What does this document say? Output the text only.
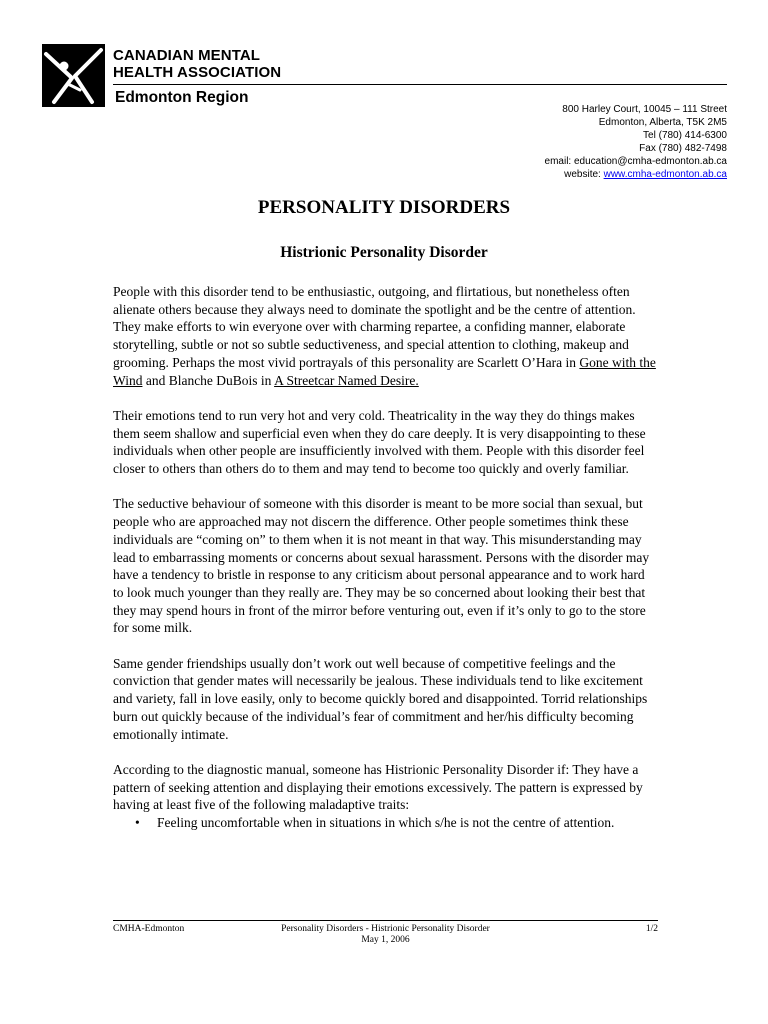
CANADIAN MENTAL
HEALTH ASSOCIATION
Edmonton Region
800 Harley Court, 10045 – 111 Street
Edmonton, Alberta, T5K 2M5
Tel (780) 414-6300
Fax (780) 482-7498
email: education@cmha-edmonton.ab.ca
website: www.cmha-edmonton.ab.ca
PERSONALITY DISORDERS
Histrionic Personality Disorder

People with this disorder tend to be enthusiastic, outgoing, and flirtatious, but nonetheless often alienate others because they always need to dominate the spotlight and be the centre of attention. They make efforts to win everyone over with charming repartee, a confiding manner, elaborate storytelling, subtle or not so subtle seductiveness, and special attention to clothing, makeup and grooming. Perhaps the most vivid portrayals of this personality are Scarlett O’Hara in Gone with the Wind and Blanche DuBois in A Streetcar Named Desire.

Their emotions tend to run very hot and very cold. Theatricality in the way they do things makes them seem shallow and superficial even when they do care deeply. It is very disappointing to these individuals when other people are insufficiently involved with them. People with this disorder feel closer to others than others do to them and may tend to become too quickly and overly familiar.

The seductive behaviour of someone with this disorder is meant to be more social than sexual, but people who are approached may not discern the difference. Other people sometimes think these individuals are “coming on” to them when it is not meant in that way. This misunderstanding may lead to embarrassing moments or concerns about sexual harassment. Persons with the disorder may have a tendency to bristle in response to any criticism about personal appearance and to work hard to look much younger than they really are. They may be so concerned about looking their best that they may spend hours in front of the mirror before venturing out, even if it’s only to go to the store for some milk.

Same gender friendships usually don’t work out well because of competitive feelings and the conviction that gender mates will necessarily be jealous. These individuals tend to like excitement and variety, fall in love easily, only to become quickly bored and disappointed. Torrid relationships burn out quickly because of the individual’s fear of commitment and her/his difficulty becoming emotionally intimate.

According to the diagnostic manual, someone has Histrionic Personality Disorder if: They have a pattern of seeking attention and displaying their emotions excessively. The pattern is expressed by having at least five of the following maladaptive traits:

• Feeling uncomfortable when in situations in which s/he is not the centre of attention.
CMHA-Edmonton	Personality Disorders - Histrionic Personality Disorder
May 1, 2006
1/2
